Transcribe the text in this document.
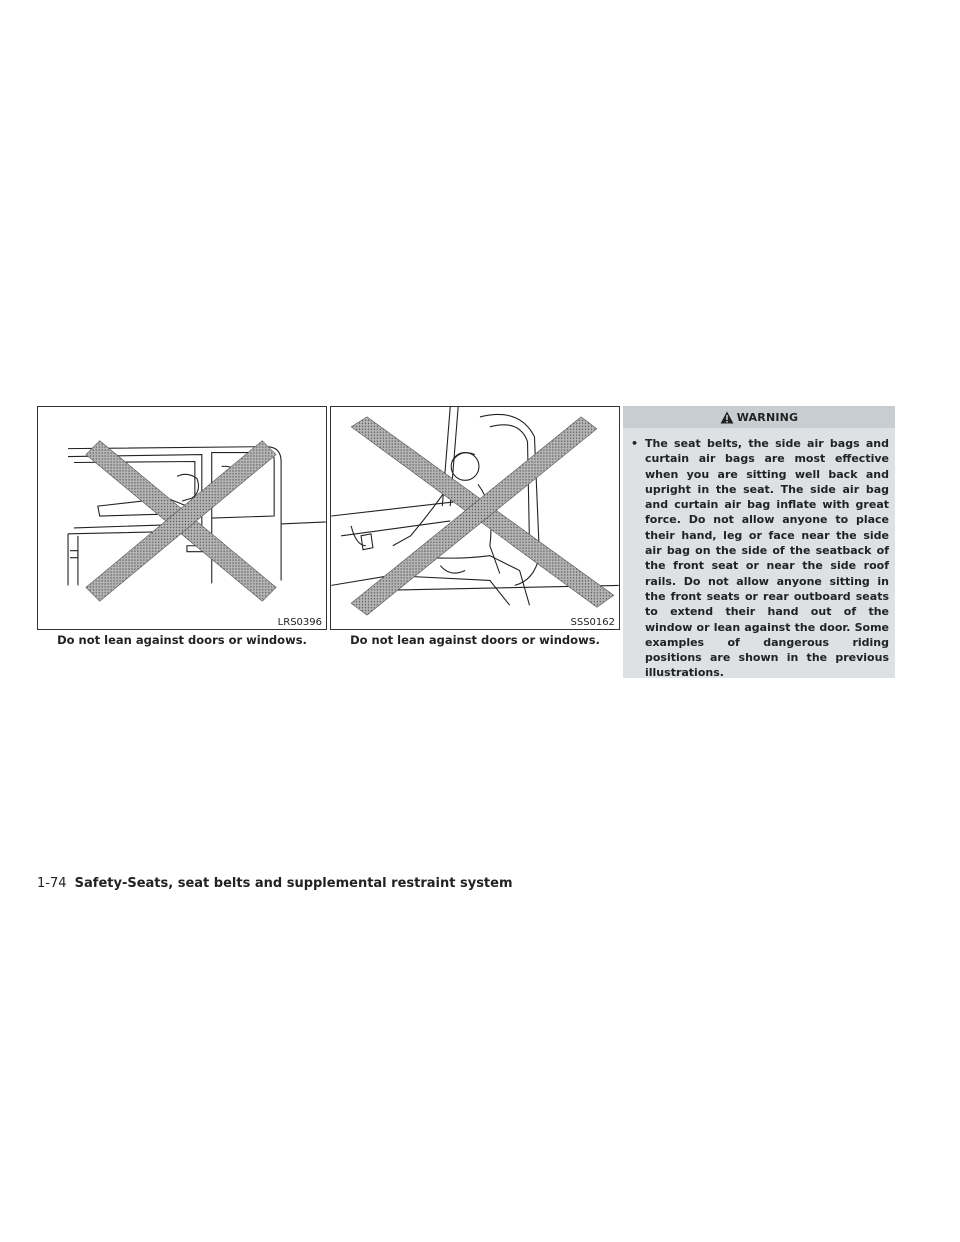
LRS0396
Do not lean against doors or windows.
SSS0162
Do not lean against doors or windows.
WARNING
• The seat belts, the side air bags and curtain air bags are most effective when you are sitting well back and upright in the seat. The side air bag and curtain air bag inflate with great force. Do not allow anyone to place their hand, leg or face near the side air bag on the side of the seatback of the front seat or near the side roof rails. Do not allow anyone sitting in the front seats or rear outboard seats to extend their hand out of the window or lean against the door. Some examples of dangerous riding positions are shown in the previous illustrations.
1-74 Safety-Seats, seat belts and supplemental restraint system
